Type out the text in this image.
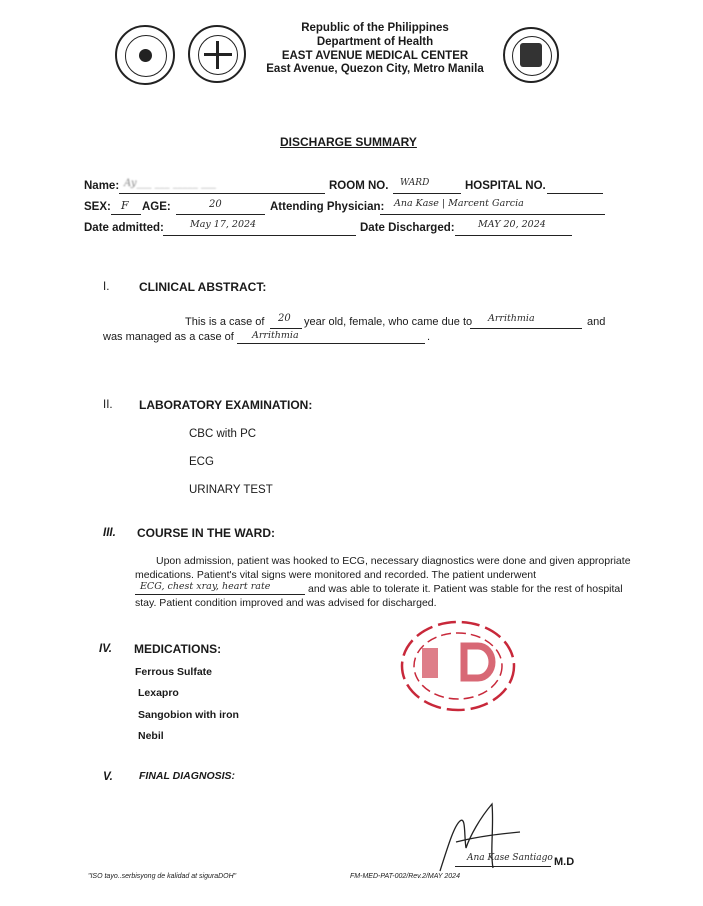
Republic of the Philippines
Department of Health
EAST AVENUE MEDICAL CENTER
East Avenue, Quezon City, Metro Manila
DISCHARGE SUMMARY
Name: Ay___ ___ _____ ___	ROOM NO. WARD	HOSPITAL NO.
SEX: F AGE:	20	Attending Physician: Ana Kase | Marcent Garcia
Date admitted:	May 17, 2024	Date Discharged: MAY 20, 2024
I. CLINICAL ABSTRACT:
This is a case of 20 year old, female, who came due to Arrithmia	and
was managed as a case of Arrithmia	.
II. LABORATORY EXAMINATION:
CBC with PC
ECG
URINARY TEST
III. COURSE IN THE WARD:
Upon admission, patient was hooked to ECG, necessary diagnostics were done and given appropriate
medications. Patient's vital signs were monitored and recorded. The patient underwent
ECG, chest xray, heart rate	and was able to tolerate it. Patient was stable for the rest of hospital
stay. Patient condition improved and was advised for discharged.
IV. MEDICATIONS:
Ferrous Sulfate
Lexapro
Sangobion with iron
Nebil
V. FINAL DIAGNOSIS:
Ana Kase Santiago M.D
"ISO tayo..serbisyong de kalidad at siguraDOH"	FM-MED-PAT-002/Rev.2/MAY 2024
